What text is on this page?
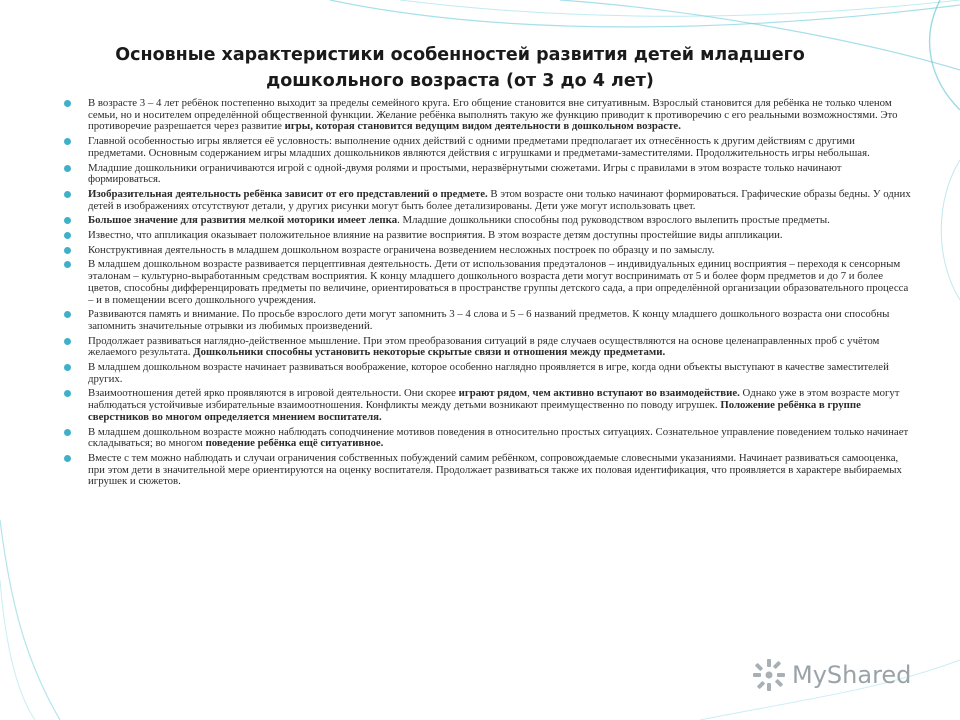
Основные характеристики особенностей развития детей младшего дошкольного возраста (от 3 до 4 лет)
В возрасте 3 – 4 лет ребёнок постепенно выходит за пределы семейного круга. Его общение становится вне ситуативным. Взрослый становится для ребёнка не только членом семьи, но и носителем определённой общественной функции. Желание ребёнка выполнять такую же функцию приводит к противоречию с его реальными возможностями. Это противоречие разрешается через развитие игры, которая становится ведущим видом деятельности в дошкольном возрасте.
Главной особенностью игры является её условность: выполнение одних действий с одними предметами предполагает их отнесённость к другим действиям с другими предметами. Основным содержанием игры младших дошкольников являются действия с игрушками и предметами-заместителями. Продолжительность игры небольшая.
Младшие дошкольники ограничиваются игрой с одной-двумя ролями и простыми, неразвёрнутыми сюжетами. Игры с правилами в этом возрасте только начинают формироваться.
Изобразительная деятельность ребёнка зависит от его представлений о предмете. В этом возрасте они только начинают формироваться. Графические образы бедны. У одних детей в изображениях отсутствуют детали, у других рисунки могут быть более детализированы. Дети уже могут использовать цвет.
Большое значение для развития мелкой моторики имеет лепка. Младшие дошкольники способны под руководством взрослого вылепить простые предметы.
Известно, что аппликация оказывает положительное влияние на развитие восприятия. В этом возрасте детям доступны простейшие виды аппликации.
Конструктивная деятельность в младшем дошкольном возрасте ограничена возведением несложных построек по образцу и по замыслу.
В младшем дошкольном возрасте развивается перцептивная деятельность. Дети от использования предэталонов – индивидуальных единиц восприятия – переходя к сенсорным эталонам – культурно-выработанным средствам восприятия. К концу младшего дошкольного возраста дети могут воспринимать от 5 и более форм предметов и до 7 и более цветов, способны дифференцировать предметы по величине, ориентироваться в пространстве группы детского сада, а при определённой организации образовательного процесса – и в помещении всего дошкольного учреждения.
Развиваются память и внимание. По просьбе взрослого дети могут запомнить 3 – 4 слова и 5 – 6 названий предметов. К концу младшего дошкольного возраста они способны запомнить значительные отрывки из любимых произведений.
Продолжает развиваться наглядно-действенное мышление. При этом преобразования ситуаций в ряде случаев осуществляются на основе целенаправленных проб с учётом желаемого результата. Дошкольники способны установить некоторые скрытые связи и отношения между предметами.
В младшем дошкольном возрасте начинает развиваться воображение, которое особенно наглядно проявляется в игре, когда одни объекты выступают в качестве заместителей других.
Взаимоотношения детей ярко проявляются в игровой деятельности. Они скорее играют рядом, чем активно вступают во взаимодействие. Однако уже в этом возрасте могут наблюдаться устойчивые избирательные взаимоотношения. Конфликты между детьми возникают преимущественно по поводу игрушек. Положение ребёнка в группе сверстников во многом определяется мнением воспитателя.
В младшем дошкольном возрасте можно наблюдать соподчинение мотивов поведения в относительно простых ситуациях. Сознательное управление поведением только начинает складываться; во многом поведение ребёнка ещё ситуативное.
Вместе с тем можно наблюдать и случаи ограничения собственных побуждений самим ребёнком, сопровождаемые словесными указаниями. Начинает развиваться самооценка, при этом дети в значительной мере ориентируются на оценку воспитателя. Продолжает развиваться также их половая идентификация, что проявляется в характере выбираемых игрушек и сюжетов.
MyShared
